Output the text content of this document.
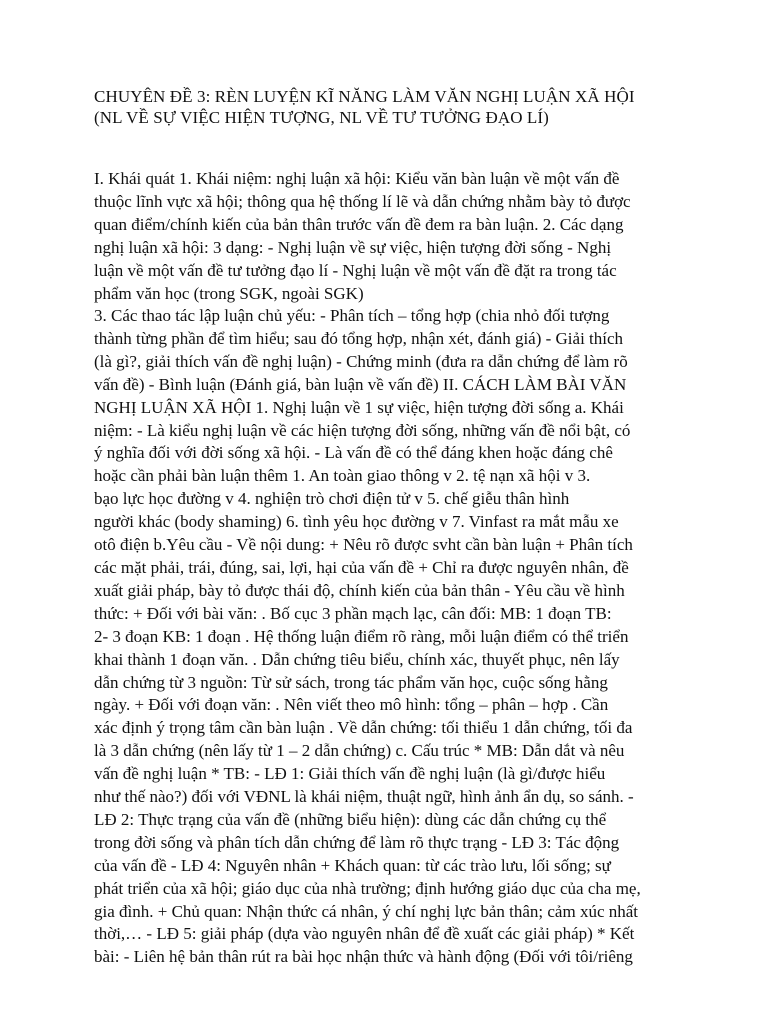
CHUYÊN ĐỀ 3: RÈN LUYỆN KĨ NĂNG LÀM VĂN NGHỊ LUẬN XÃ HỘI
(NL VỀ SỰ VIỆC HIỆN TƯỢNG, NL VỀ TƯ TƯỞNG ĐẠO LÍ)
I. Khái quát 1. Khái niệm: nghị luận xã hội: Kiểu văn bàn luận về một vấn đề
thuộc lĩnh vực xã hội; thông qua hệ thống lí lẽ và dẫn chứng nhằm bày tỏ được
quan điểm/chính kiến của bản thân trước vấn đề đem ra bàn luận. 2. Các dạng
nghị luận xã hội: 3 dạng: - Nghị luận về sự việc, hiện tượng đời sống - Nghị
luận về một vấn đề tư tưởng đạo lí - Nghị luận về một vấn đề đặt ra trong tác
phẩm văn học (trong SGK, ngoài SGK)
3. Các thao tác lập luận chủ yếu: - Phân tích – tổng hợp (chia nhỏ đối tượng
thành từng phần để tìm hiểu; sau đó tổng hợp, nhận xét, đánh giá) - Giải thích
(là gì?, giải thích vấn đề nghị luận) - Chứng minh (đưa ra dẫn chứng để làm rõ
vấn đề) - Bình luận (Đánh giá, bàn luận về vấn đề) II. CÁCH LÀM BÀI VĂN
NGHỊ LUẬN XÃ HỘI 1. Nghị luận về 1 sự việc, hiện tượng đời sống a. Khái
niệm: - Là kiểu nghị luận về các hiện tượng đời sống, những vấn đề nổi bật, có
ý nghĩa đối với đời sống xã hội. - Là vấn đề có thể đáng khen hoặc đáng chê
hoặc cần phải bàn luận thêm 1. An toàn giao thông v 2. tệ nạn xã hội v 3.
bạo lực học đường v 4. nghiện trò chơi điện tử v 5. chế giễu thân hình
người khác (body shaming) 6. tình yêu học đường v 7. Vinfast ra mắt mẫu xe
otô điện b.Yêu cầu - Về nội dung: + Nêu rõ được svht cần bàn luận + Phân tích
các mặt phải, trái, đúng, sai, lợi, hại của vấn đề + Chỉ ra được nguyên nhân, đề
xuất giải pháp, bày tỏ được thái độ, chính kiến của bản thân - Yêu cầu về hình
thức: + Đối với bài văn: . Bố cục 3 phần mạch lạc, cân đối: MB: 1 đoạn TB:
2- 3 đoạn KB: 1 đoạn . Hệ thống luận điểm rõ ràng, mỗi luận điểm có thể triển
khai thành 1 đoạn văn. . Dẫn chứng tiêu biểu, chính xác, thuyết phục, nên lấy
dẫn chứng từ 3 nguồn: Từ sử sách, trong tác phẩm văn học, cuộc sống hằng
ngày. + Đối với đoạn văn: . Nên viết theo mô hình: tổng – phân – hợp . Cần
xác định ý trọng tâm cần bàn luận . Về dẫn chứng: tối thiểu 1 dẫn chứng, tối đa
là 3 dẫn chứng (nên lấy từ 1 – 2 dẫn chứng) c. Cấu trúc * MB: Dẫn dắt và nêu
vấn đề nghị luận * TB: - LĐ 1: Giải thích vấn đề nghị luận (là gì/được hiểu
như thế nào?) đối với VĐNL là khái niệm, thuật ngữ, hình ảnh ẩn dụ, so sánh. -
LĐ 2: Thực trạng của vấn đề (những biểu hiện): dùng các dẫn chứng cụ thể
trong đời sống và phân tích dẫn chứng để làm rõ thực trạng - LĐ 3: Tác động
của vấn đề - LĐ 4: Nguyên nhân + Khách quan: từ các trào lưu, lối sống; sự
phát triển của xã hội; giáo dục của nhà trường; định hướng giáo dục của cha mẹ,
gia đình. + Chủ quan: Nhận thức cá nhân, ý chí nghị lực bản thân; cảm xúc nhất
thời,… - LĐ 5: giải pháp (dựa vào nguyên nhân để đề xuất các giải pháp) * Kết
bài: - Liên hệ bản thân rút ra bài học nhận thức và hành động (Đối với tôi/riêng
